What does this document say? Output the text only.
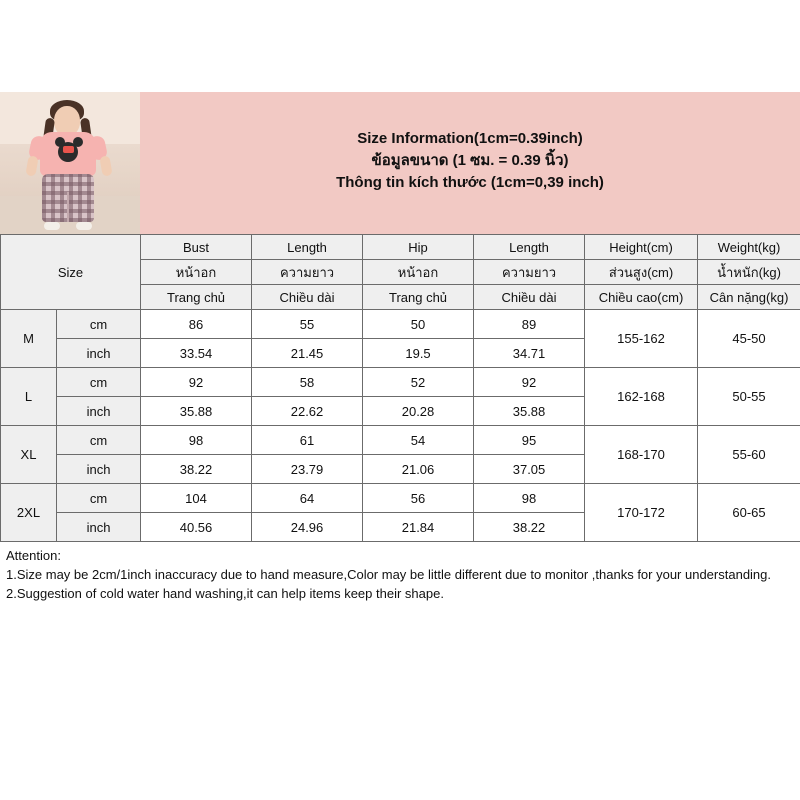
Size Information(1cm=0.39inch)
ข้อมูลขนาด (1 ซม. = 0.39 นิ้ว)
Thông tin kích thước (1cm=0,39 inch)
Size		Bust	Length	Hip	Length	Height(cm)	Weight(kg)
		หน้าอก	ความยาว	หน้าอก	ความยาว	ส่วนสูง(cm)	น้ำหนัก(kg)
		Trang chủ	Chiều dài	Trang chủ	Chiều dài	Chiều cao(cm)	Cân nặng(kg)
M	cm	86	55	50	89	155-162	45-50
	inch	33.54	21.45	19.5	34.71		
L	cm	92	58	52	92	162-168	50-55
	inch	35.88	22.62	20.28	35.88		
XL	cm	98	61	54	95	168-170	55-60
	inch	38.22	23.79	21.06	37.05		
2XL	cm	104	64	56	98	170-172	60-65
	inch	40.56	24.96	21.84	38.22		
Attention:
1.Size may be 2cm/1inch inaccuracy due to hand measure,Color may be little different due to monitor ,thanks for your understanding.
2.Suggestion of cold water hand washing,it can help items keep their shape.
